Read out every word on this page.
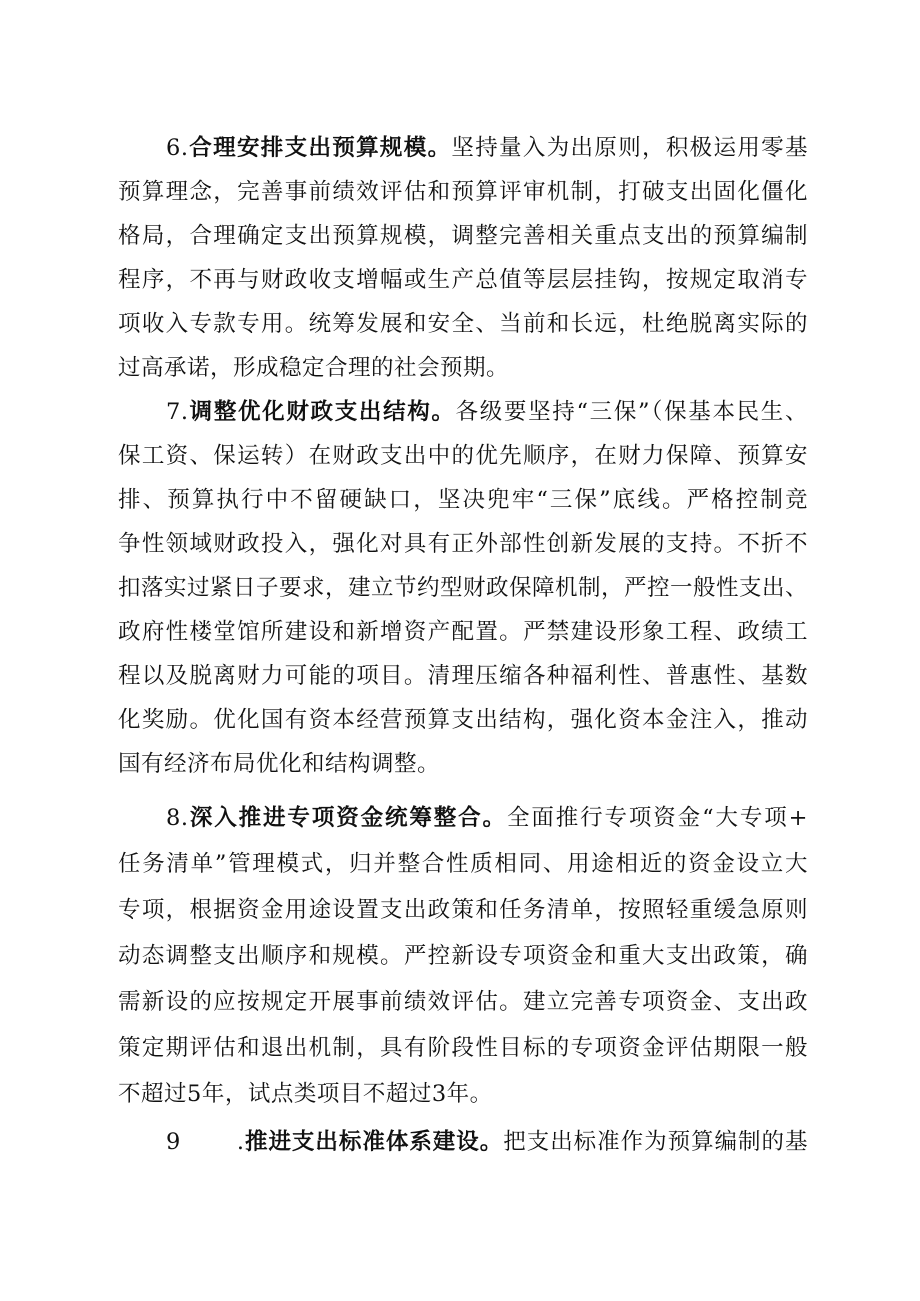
6.合理安排支出预算规模。坚持量入为出原则，积极运用零基
预算理念，完善事前绩效评估和预算评审机制，打破支出固化僵化
格局，合理确定支出预算规模，调整完善相关重点支出的预算编制
程序，不再与财政收支增幅或生产总值等层层挂钩，按规定取消专
项收入专款专用。统筹发展和安全、当前和长远，杜绝脱离实际的
过高承诺，形成稳定合理的社会预期。
7.调整优化财政支出结构。各级要坚持“三保”（保基本民生、
保工资、保运转）在财政支出中的优先顺序，在财力保障、预算安
排、预算执行中不留硬缺口，坚决兜牢“三保”底线。严格控制竞
争性领域财政投入，强化对具有正外部性创新发展的支持。不折不
扣落实过紧日子要求，建立节约型财政保障机制，严控一般性支出、
政府性楼堂馆所建设和新增资产配置。严禁建设形象工程、政绩工
程以及脱离财力可能的项目。清理压缩各种福利性、普惠性、基数
化奖励。优化国有资本经营预算支出结构，强化资本金注入，推动
国有经济布局优化和结构调整。
8.深入推进专项资金统筹整合。全面推行专项资金“大专项+
任务清单”管理模式，归并整合性质相同、用途相近的资金设立大
专项，根据资金用途设置支出政策和任务清单，按照轻重缓急原则
动态调整支出顺序和规模。严控新设专项资金和重大支出政策，确
需新设的应按规定开展事前绩效评估。建立完善专项资金、支出政
策定期评估和退出机制，具有阶段性目标的专项资金评估期限一般
不超过5年，试点类项目不超过3年。
9 .推进支出标准体系建设。把支出标准作为预算编制的基
